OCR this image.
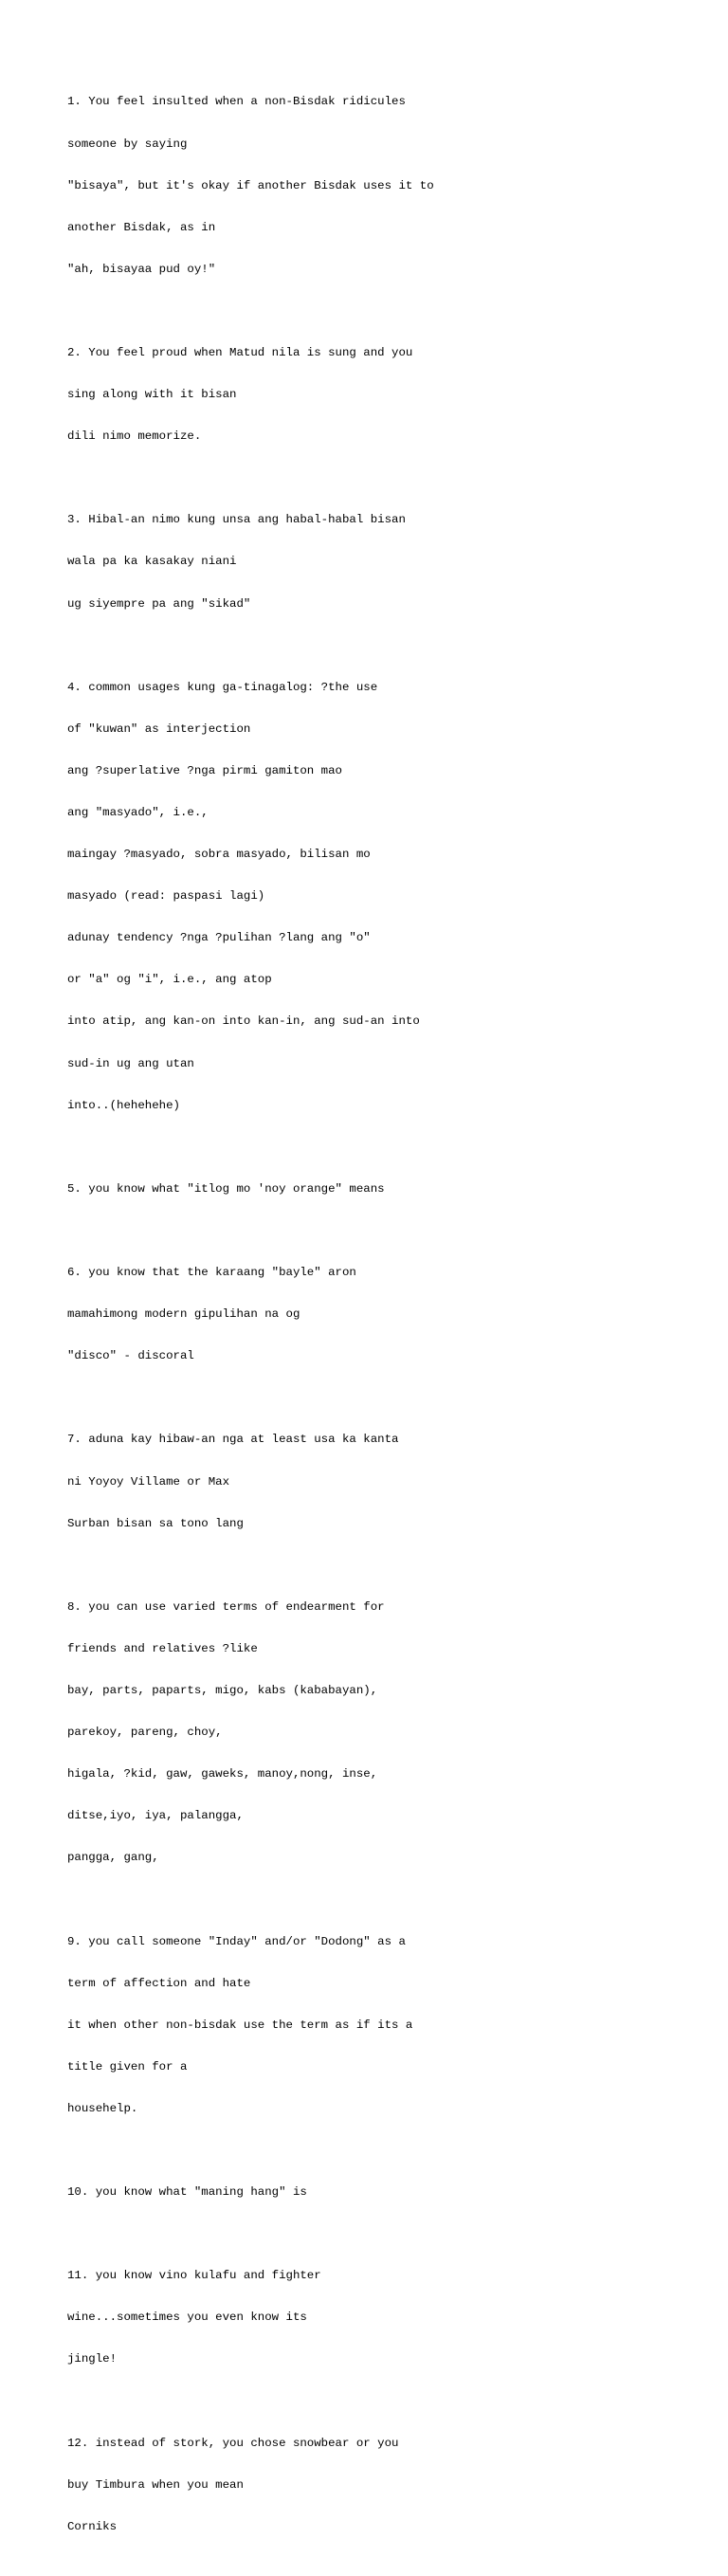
1. You feel insulted when a non-Bisdak ridicules

someone by saying

"bisaya", but it's okay if another Bisdak uses it to

another Bisdak, as in

"ah, bisayaa pud oy!"

2. You feel proud when Matud nila is sung and you

sing along with it bisan

dili nimo memorize.

3. Hibal-an nimo kung unsa ang habal-habal bisan

wala pa ka kasakay niani

ug siyempre pa ang "sikad"

4. common usages kung ga-tinagalog: ?the use

of "kuwan" as interjection

ang ?superlative ?nga pirmi gamiton mao

ang "masyado", i.e.,

maingay ?masyado, sobra masyado, bilisan mo

masyado (read: paspasi lagi)

adunay tendency ?nga ?pulihan ?lang ang "o"

or "a" og "i", i.e., ang atop

into atip, ang kan-on into kan-in, ang sud-an into

sud-in ug ang utan

into..(hehehehe)

5. you know what "itlog mo 'noy orange" means

6. you know that the karaang "bayle" aron

mamahimong modern gipulihan na og

"disco" - discoral

7. aduna kay hibaw-an nga at least usa ka kanta

ni Yoyoy Villame or Max

Surban bisan sa tono lang

8. you can use varied terms of endearment for

friends and relatives ?like

bay, parts, paparts, migo, kabs (kababayan),

parekoy, pareng, choy,

higala, ?kid, gaw, gaweks, manoy,nong, inse,

ditse,iyo, iya, palangga,

pangga, gang,

9. you call someone "Inday" and/or "Dodong" as a

term of affection and hate

it when other non-bisdak use the term as if its a

title given for a

househelp.

10. you know what "maning hang" is

11. you know vino kulafu and fighter

wine...sometimes you even know its

jingle!

12. instead of stork, you chose snowbear or you

buy Timbura when you mean

Corniks
